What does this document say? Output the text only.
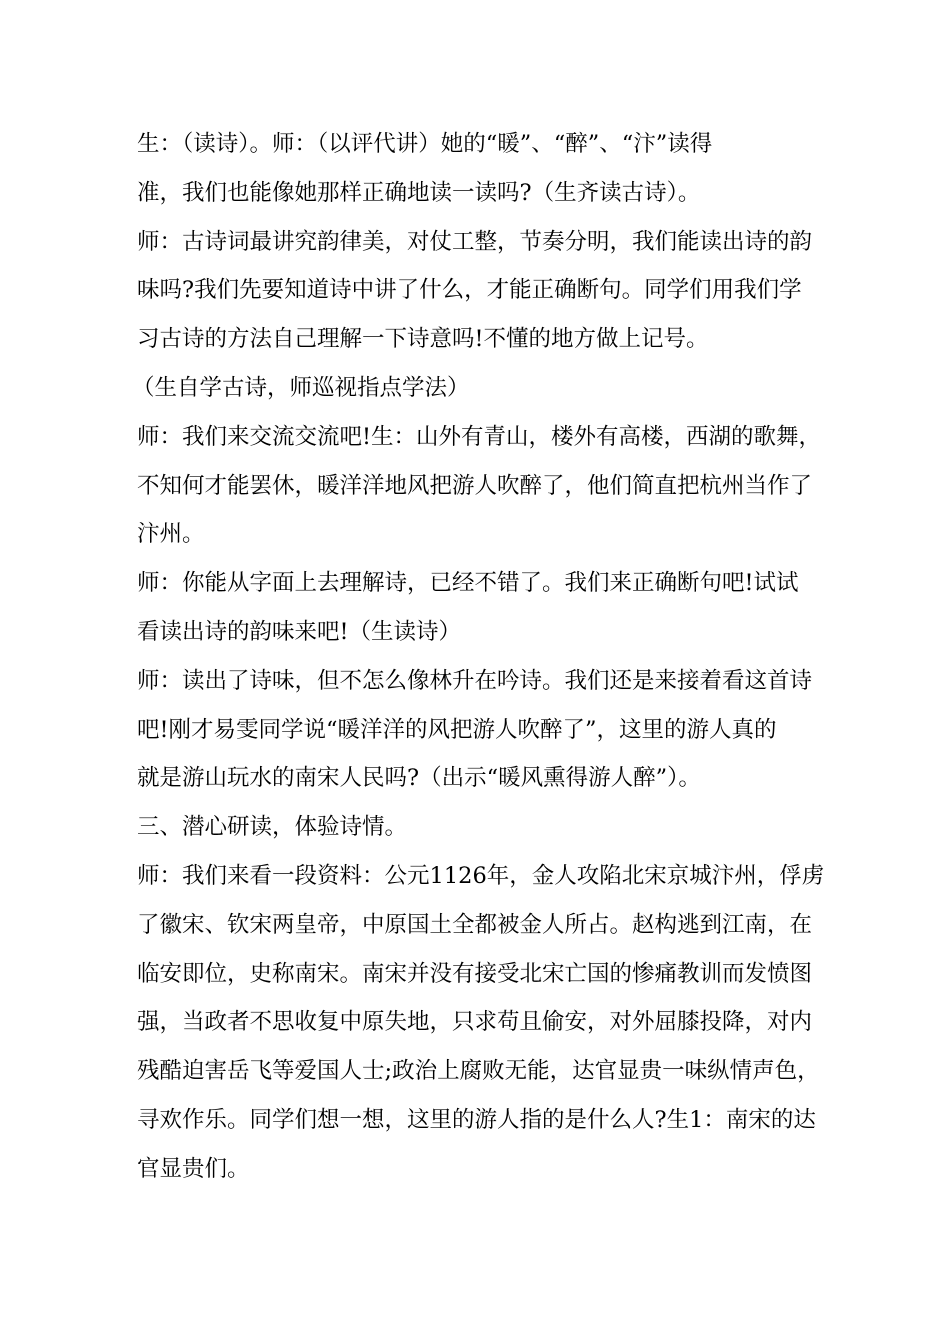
生：（读诗）。师：（以评代讲）她的“暖”、“醉”、“汴”读得
准，我们也能像她那样正确地读一读吗?（生齐读古诗）。
师：古诗词最讲究韵律美，对仗工整，节奏分明，我们能读出诗的韵
味吗?我们先要知道诗中讲了什么，才能正确断句。同学们用我们学
习古诗的方法自己理解一下诗意吗!不懂的地方做上记号。
（生自学古诗，师巡视指点学法）
师：我们来交流交流吧!生：山外有青山，楼外有高楼，西湖的歌舞，
不知何才能罢休，暖洋洋地风把游人吹醉了，他们简直把杭州当作了
汴州。
师：你能从字面上去理解诗，已经不错了。我们来正确断句吧!试试
看读出诗的韵味来吧!（生读诗）
师：读出了诗味，但不怎么像林升在吟诗。我们还是来接着看这首诗
吧!刚才易雯同学说“暖洋洋的风把游人吹醉了”，这里的游人真的
就是游山玩水的南宋人民吗?（出示“暖风熏得游人醉”）。
三、潜心研读，体验诗情。
师：我们来看一段资料：公元1126年，金人攻陷北宋京城汴州，俘虏
了徽宋、钦宋两皇帝，中原国土全都被金人所占。赵构逃到江南，在
临安即位，史称南宋。南宋并没有接受北宋亡国的惨痛教训而发愤图
强，当政者不思收复中原失地，只求苟且偷安，对外屈膝投降，对内
残酷迫害岳飞等爱国人士;政治上腐败无能，达官显贵一味纵情声色，
寻欢作乐。同学们想一想，这里的游人指的是什么人?生1：南宋的达
官显贵们。
